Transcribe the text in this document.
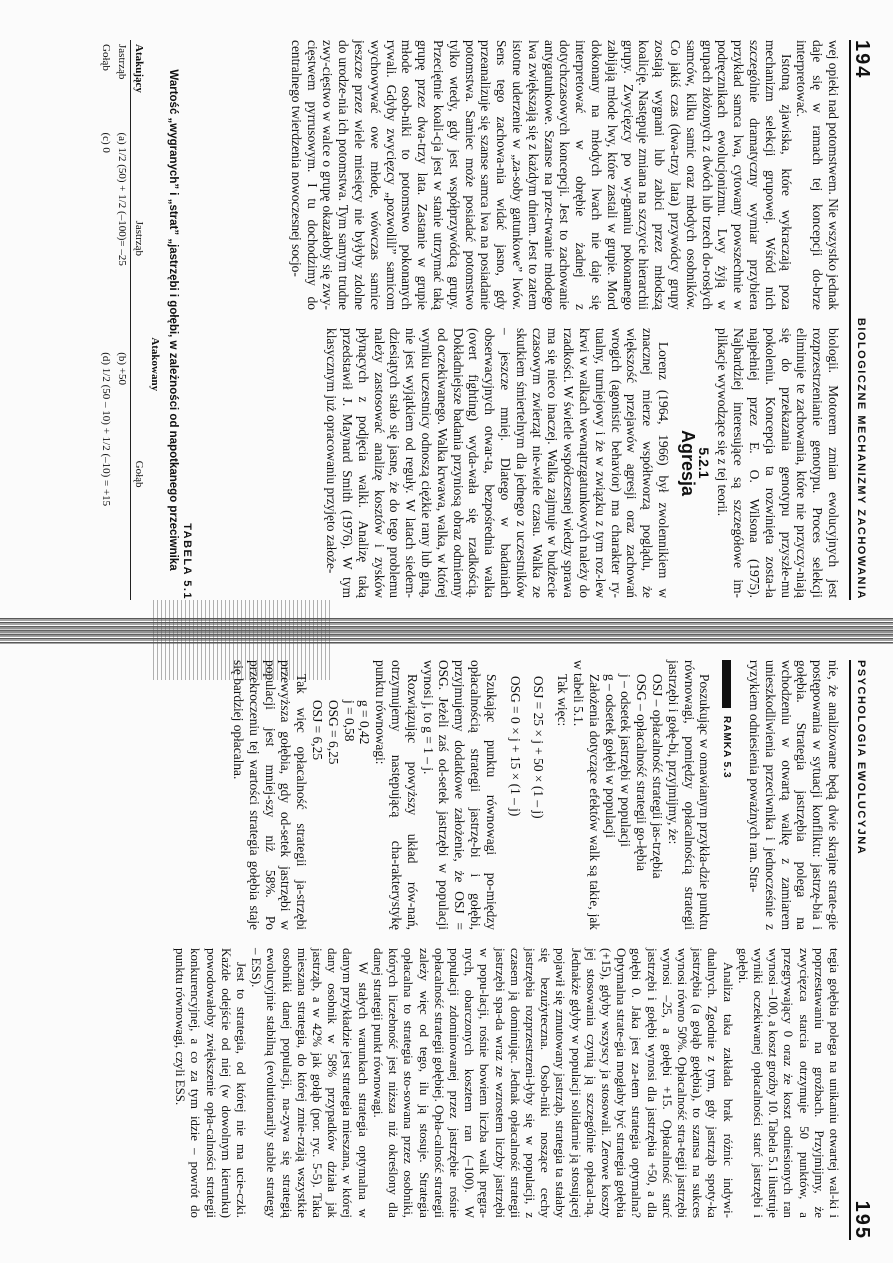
194
BIOLOGICZNE MECHANIZMY ZACHOWANIA

wej opieki nad potomstwem. Nie wszystko jednak daje się w ramach tej koncepcji do-brze interpretować.

Istotną zjawiska, które wykraczają poza mechanizm selekcji grupowej. Wśród nich szczególnie dramatyczny wymiar przybiera przykład samca lwa, cytowany powszechnie w podręcznikach ewolucjonizmu. Lwy żyją w grupach złożonych z dwóch lub trzech do-rosłych samców, kilku samic oraz młodych osobników. Co jakiś czas (dwa-trzy lata) przywódcy grupy zostają wygnani lub zabici przez młodszą koalicję. Następuje zmiana na szczycie hierarchii grupy. Zwycięzcy po wy-gnaniu pokonanego zabijają młode lwy, które zastali w grupie. Mord dokonany na młodych lwach nie daje się interpretować w obrębie żadnej z dotychczasowych koncepcji. Jest to zachowanie antygatunkowe. Szanse na prze-trwanie młodego lwa zwiększają się z każdym dniem. Jest to zatem istotne uderzenie w „za-soby gatunkowe” lwów. Sens tego zachowa-nia widać jasno, gdy przeanalizuje się szanse samca lwa na posiadanie potomstwa. Samiec może posiadać potomstwo tylko wtedy, gdy jest współprzywódcą grupy. Przeciętnie koali-cja jest w stanie utrzymać taką grupę przez dwa-trzy lata. Zastanie w grupie młode osob-niki to potomstwo pokonanych rywali. Gdyby zwycięzcy „pozwolili” samicom wychowywać owe młode, wówczas samice jeszcze przez wiele miesięcy nie byłyby zdolne do urodze-nia ich potomstwa. Tym samym trudne zwy-cięstwo w walce o grupę okazałoby się zwy-cięstwem pyrrusowym. I tu dochodzimy do centralnego twierdzenia nowoczesnej socjo-

biologii. Motorem zmian ewolucyjnych jest rozprzestrzenianie genotypu. Proces selekcji eliminuje te zachowania, które nie przyczy-niają się do przekazania genotypu przyszłe-mu pokoleniu. Koncepcja ta rozwinięta zosta-ła najpełniej przez E. O. Wilsona (1975). Najbardziej interesujące są szczegółowe im-plikacje wywodzące się z tej teorii.

5.2.1
Agresja

Lorenz (1964, 1966) był zwolennikiem w znacznej mierze współtworzą poglądu, że większość przejawów agresji oraz zachowań wrogich (agonistic behavior) ma charakter ry-tualny, turniejowy i że w związku z tym roz-lew krwi w walkach wewnątrzgatunkowych należy do rzadkości. W świetle współczesnej wiedzy sprawa ma się nieco inaczej. Walka zajmuje w budżecie czasowym zwierząt nie-wiele czasu. Walka ze skutkiem śmiertelnym dla jednego z uczestników – jeszcze mniej. Dlatego w badaniach obserwacyjnych otwar-ta, bezpośrednia walka (overt fighting) wyda-wała się rzadkością. Dokładniejsze badania przyniosą obraz odmienny od oczekiwanego. Walka krwawa, walka, w której wyniku uczestnicy odnoszą ciężkie rany lub giną, nie jest wyjątkiem od reguły. W latach siedem-dziesiątych stało się jasne, że do tego problemu należy zastosować analizę kosztów i zysków płynących z podjęcia walki. Analizę taką przedstawił J. Maynard Smith (1976). W tym klasycznym już opracowaniu przyjęto założe-

TABELA 5.1
Wartość „wygranych” i „strat” „jastrzębi i gołębi, w zależności od napotkanego przeciwnika
	Atakowany	
Atakujący	Jastrząb	Gołąb
Jastrząb	(a) 1/2 (50) + 1/2 (–100)= –25	(b) +50
Gołąb	(c) 0	(d) 1/2 (50 – 10) + 1/2 (–10) = +15
PSYCHOLOGIA EWOLUCYJNA
195

nie, że analizowane będą dwie skrajne strate-gie postępowania w sytuacji konfliktu: jastrzę-bia i gołębia. Strategia jastrzębia polega na wchodzeniu w otwartą walkę z zamiarem unieszkodliwienia przeciwnika i jednocześnie z ryzykiem odniesienia poważnych ran. Stra-

RAMKA 5.3

Poszukując w omawianym przykła-dzie punktu równowagi, pomiędzy opłacalnością strategii jastrzębi i gołę-bi, przyjmijmy, że:

OSJ – opłacalność strategii jas-trzębia

OSG – opłacalność strategii go-łębia

j – odsetek jastrzębi w populacji

g – odsetek gołębi w populacji

Założenia dotyczące efektów walk są takie, jak w tabeli 5.1.

Tak więc:

OSJ = 25 × j + 50 × (1 – j)
OSG = 0 × j + 15 × (1 – j)

Szukając punktu równowagi po-między opłacalnością strategii jastrzę-bi i gołębi, przyjmujemy dodatkowe założenie, że OSJ = OSG. Jeżeli zaś od-setek jastrzębi w populacji wynosi j, to g = 1 – j.

Rozwiązując powyższy układ rów-nań, otrzymujemy następującą cha-rakterystykę punktu równowagi:

g = 0,42
j = 0,58
OSG = 6,25
OSJ = 6,25

Tak więc opłacalność strategii ja-strzębi przewyższa gołębia, gdy od-setek jastrzębi w populacji jest mniej-szy niż 58%. Po przekroczeniu tej wartości strategia gołębia staje się bardziej opłacalna.

tegia gołębia polega na unikaniu otwartej wal-ki i poprzestawaniu na groźbach. Przyjmijmy, że zwycięzca starcia otrzymuje 50 punktów, a przegrywający 0 oraz że koszt odniesionych ran wynosi –100, a koszt groźby 10. Tabela 5.1 ilustruje wyniki oczekiwanej opłacalności starć jastrzębi i gołębi.

Analiza taka zakłada brak różnic indywi-dualnych. Zgodnie z tym, gdy jastrząb spoty-ka jastrzębia (a gołąb gołębia), to szansa na sukces wynosi równo 50%. Opłacalność stra-tegii jastrzębi wynosi –25, a gołębi +15. Opłacalność starć jastrzębi i gołębi wynosi dla jastrzębia +50, a dla gołębi 0. Jaka jest za-tem strategia optymalna? Optymalna strate-gia mogłaby być strategia gołębia (+15), gdyby wszyscy ja stosowali. Zerowe koszty jej stosowania czynią ją szczególnie opłacal-ną. Jednakże gdyby w populacji solidarnie ją stosującej pojawił się zmutowany jastrząb, strategia ta stałaby się bezużyteczna. Osob-niki noszące cechy jastrzębia rozprzestrzeni-łyby się w populacji, z czasem ją dominując. Jednak opłacalność strategii jastrzębi spa-da wraz ze wzrostem liczby jastrzębi w popu-lacji, rośnie bowiem liczba walk pręgra-nych, obarczonych kosztem ran (–100). W populacji zdominowanej przez jastrzębie rośnie opłacalność strategii gołębiej. Opła-calność strategii zależy więc od tego, ilu ją stosuje. Strategia opłacalna to strategia sto-sowana przez osobniki, których liczebność jest niższa niż określony dla danej strategii punkt równowagi.

W stałych warunkach strategia optymalna w danym przykładzie jest strategia mieszana, w której dany osobnik w 58% przypadków działa jak jastrząb, a w 42% jak gołąb (por. ryc. 5-5). Taka mieszana strategia, do której zmie-rzają wszystkie osobniki danej populacji, na-zywa się strategią ewolucyjnie stabilną (evolutionarily stable strategy – ESS).

Jest to strategia, od której nie ma ucie-czki. Każde odejście od niej (w dowolnym kierunku) powodowałoby zwiększenie opła-calności strategii konkurencyjnej, a co za tym idzie – powrót do punktu równowagi, czyli ESS.
